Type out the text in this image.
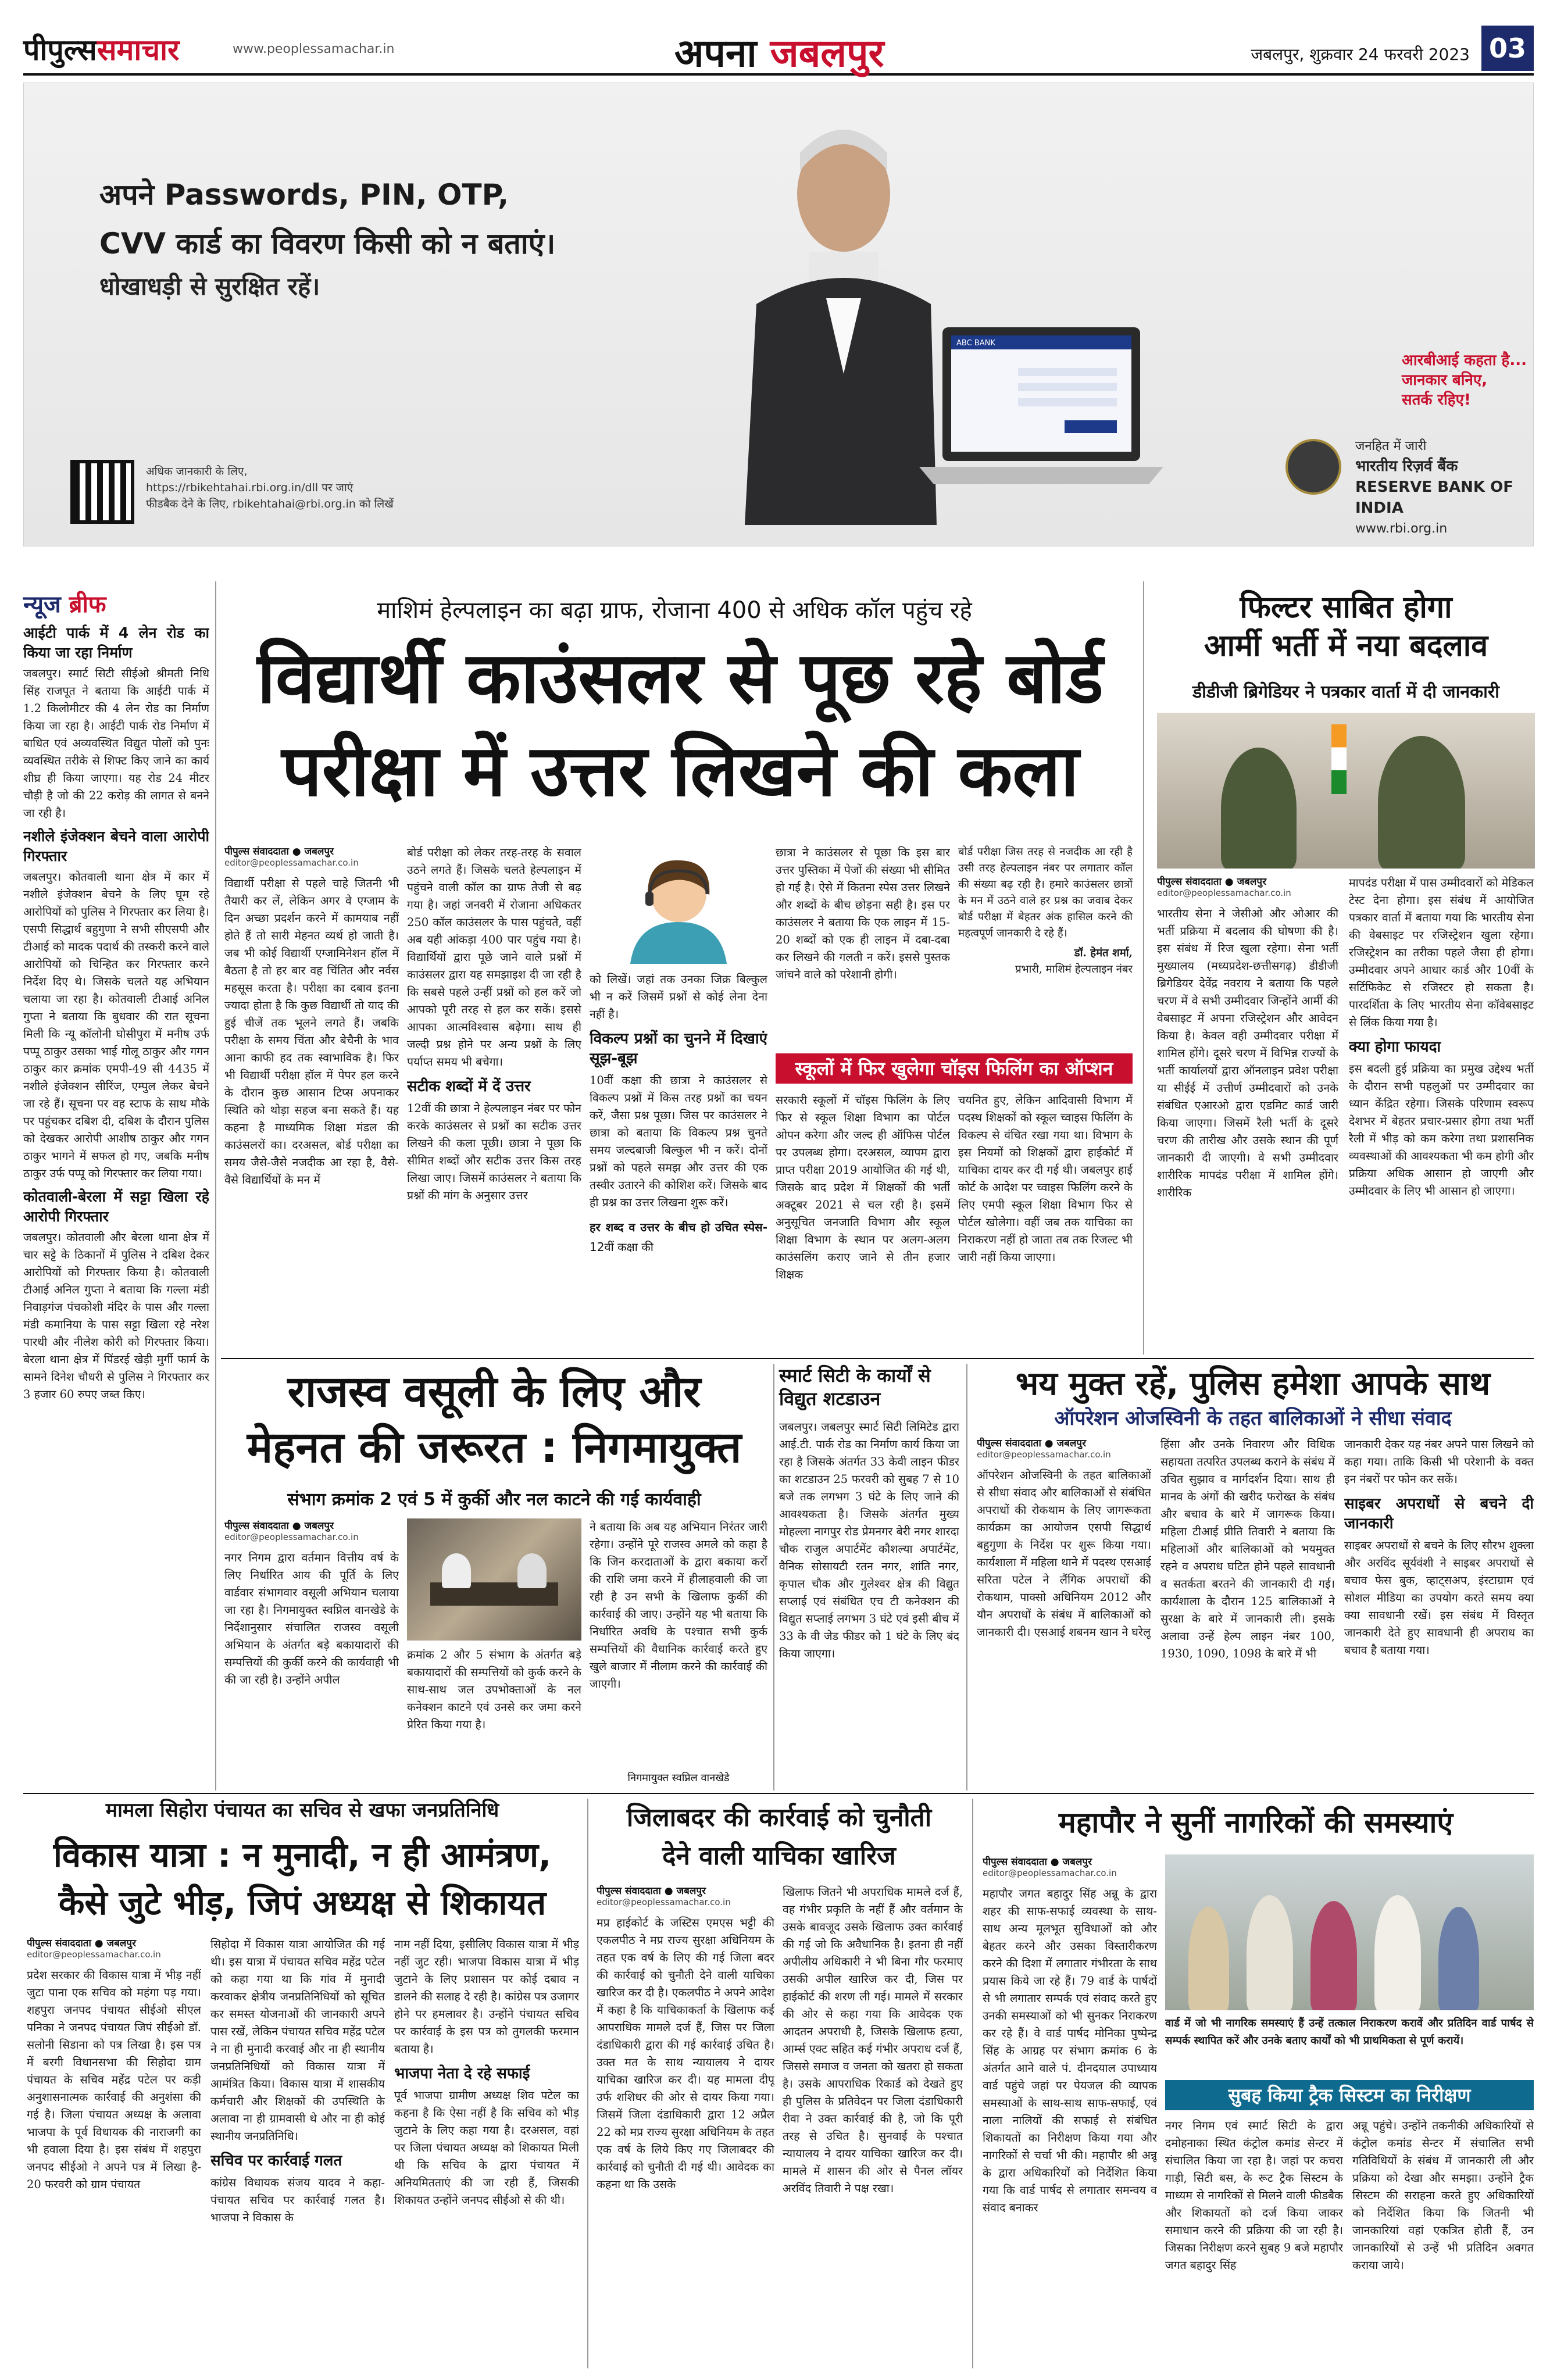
पीपुल्ससमाचार	www.peoplessamachar.in	अपना जबलपुर	जबलपुर, शुक्रवार 24 फरवरी 2023 03
अपने Passwords, PIN, OTP,
CVV कार्ड का विवरण किसी को न बताएं।
धोखाधड़ी से सुरक्षित रहें।
ABC BANK
आरबीआई कहता है...
जानकार बनिए,
सतर्क रहिए!
अधिक जानकारी के लिए,
https://rbikehtahai.rbi.org.in/dll पर जाएं
फीडबैक देने के लिए, rbikehtahai@rbi.org.in को लिखें
जनहित में जारी
भारतीय रिज़र्व बैंक
RESERVE BANK OF INDIA
www.rbi.org.in
न्यूज ब्रीफ
आईटी पार्क में 4 लेन रोड का किया जा रहा निर्माण
जबलपुर। स्मार्ट सिटी सीईओ श्रीमती निधि सिंह राजपूत ने बताया कि आईटी पार्क में 1.2 किलोमीटर की 4 लेन रोड का निर्माण किया जा रहा है। आईटी पार्क रोड निर्माण में बाधित एवं अव्यवस्थित विद्युत पोलों को पुनः व्यवस्थित तरीके से शिफ्ट किए जाने का कार्य शीघ्र ही किया जाएगा। यह रोड 24 मीटर चौड़ी है जो की 22 करोड़ की लागत से बनने जा रही है।
नशीले इंजेक्शन बेचने वाला आरोपी गिरफ्तार
जबलपुर। कोतवाली थाना क्षेत्र में कार में नशीले इंजेक्शन बेचने के लिए घूम रहे आरोपियों को पुलिस ने गिरफ्तार कर लिया है। एसपी सिद्धार्थ बहुगुणा ने सभी सीएसपी और टीआई को मादक पदार्थ की तस्करी करने वाले आरोपियों को चिन्हित कर गिरफ्तार करने निर्देश दिए थे। जिसके चलते यह अभियान चलाया जा रहा है। कोतवाली टीआई अनिल गुप्ता ने बताया कि बुधवार की रात सूचना मिली कि न्यू कॉलोनी घोसीपुरा में मनीष उर्फ पप्पू ठाकुर उसका भाई गोलू ठाकुर और गगन ठाकुर कार क्रमांक एमपी-49 सी 4435 में नशीले इंजेक्शन सीरिंज, एम्पुल लेकर बेचने जा रहे हैं। सूचना पर वह स्टाफ के साथ मौके पर पहुंचकर दबिश दी, दबिश के दौरान पुलिस को देखकर आरोपी आशीष ठाकुर और गगन ठाकुर भागने में सफल हो गए, जबकि मनीष ठाकुर उर्फ पप्पू को गिरफ्तार कर लिया गया।
कोतवाली-बेरला में सट्टा खिला रहे आरोपी गिरफ्तार
जबलपुर। कोतवाली और बेरला थाना क्षेत्र में चार सट्टे के ठिकानों में पुलिस ने दबिश देकर आरोपियों को गिरफ्तार किया है। कोतवाली टीआई अनिल गुप्ता ने बताया कि गल्ला मंडी निवाड़गंज पंचकोशी मंदिर के पास और गल्ला मंडी कमानिया के पास सट्टा खिला रहे नरेश पारधी और नीलेश कोरी को गिरफ्तार किया। बेरला थाना क्षेत्र में पिंडरई खेड़ी मुर्गी फार्म के सामने दिनेश चौधरी से पुलिस ने गिरफ्तार कर 3 हजार 60 रुपए जब्त किए।
माशिमं हेल्पलाइन का बढ़ा ग्राफ, रोजाना 400 से अधिक कॉल पहुंच रहे
विद्यार्थी काउंसलर से पूछ रहे बोर्ड
परीक्षा में उत्तर लिखने की कला
पीपुल्स संवाददाता ● जबलपुर
editor@peoplessamachar.co.in
विद्यार्थी परीक्षा से पहले चाहे जितनी भी तैयारी कर लें, लेकिन अगर वे एग्जाम के दिन अच्छा प्रदर्शन करने में कामयाब नहीं होते हैं तो सारी मेहनत व्यर्थ हो जाती है। जब भी कोई विद्यार्थी एग्जामिनेशन हॉल में बैठता है तो हर बार वह चिंतित और नर्वस महसूस करता है। परीक्षा का दबाव इतना ज्यादा होता है कि कुछ विद्यार्थी तो याद की हुई चीजें तक भूलने लगते हैं। जबकि परीक्षा के समय चिंता और बेचैनी के भाव आना काफी हद तक स्वाभाविक है। फिर भी विद्यार्थी परीक्षा हॉल में पेपर हल करने के दौरान कुछ आसान टिप्स अपनाकर स्थिति को थोड़ा सहज बना सकते हैं। यह कहना है माध्यमिक शिक्षा मंडल की काउंसलरों का। दरअसल, बोर्ड परीक्षा का समय जैसे-जैसे नजदीक आ रहा है, वैसे-वैसे विद्यार्थियों के मन में
बोर्ड परीक्षा को लेकर तरह-तरह के सवाल उठने लगते हैं। जिसके चलते हेल्पलाइन में पहुंचने वाली कॉल का ग्राफ तेजी से बढ़ गया है। जहां जनवरी में रोजाना अधिकतर 250 कॉल काउंसलर के पास पहुंचते, वहीं अब यही आंकड़ा 400 पार पहुंच गया है। विद्यार्थियों द्वारा पूछे जाने वाले प्रश्नों में काउंसलर द्वारा यह समझाइश दी जा रही है कि सबसे पहले उन्हीं प्रश्नों को हल करें जो आपको पूरी तरह से हल कर सकें। इससे आपका आत्मविश्वास बढ़ेगा। साथ ही जल्दी प्रश्न होने पर अन्य प्रश्नों के लिए पर्याप्त समय भी बचेगा।
सटीक शब्दों में दें उत्तर
12वीं की छात्रा ने हेल्पलाइन नंबर पर फोन करके काउंसलर से प्रश्नों का सटीक उत्तर लिखने की कला पूछी। छात्रा ने पूछा कि सीमित शब्दों और सटीक उत्तर किस तरह लिखा जाए। जिसमें काउंसलर ने बताया कि प्रश्नों की मांग के अनुसार उत्तर
को लिखें। जहां तक उनका जिक्र बिल्कुल भी न करें जिसमें प्रश्नों से कोई लेना देना नहीं है।
विकल्प प्रश्नों का चुनने में दिखाएं सूझ-बूझ
10वीं कक्षा की छात्रा ने काउंसलर से विकल्प प्रश्नों में किस तरह प्रश्नों का चयन करें, जैसा प्रश्न पूछा। जिस पर काउंसलर ने छात्रा को बताया कि विकल्प प्रश्न चुनते समय जल्दबाजी बिल्कुल भी न करें। दोनों प्रश्नों को पहले समझ और उत्तर की एक तस्वीर उतारने की कोशिश करें। जिसके बाद ही प्रश्न का उत्तर लिखना शुरू करें।
हर शब्द व उत्तर के बीच हो उचित स्पेस- 12वीं कक्षा की
छात्रा ने काउंसलर से पूछा कि इस बार उत्तर पुस्तिका में पेजों की संख्या भी सीमित हो गई है। ऐसे में कितना स्पेस उत्तर लिखने और शब्दों के बीच छोड़ना सही है। इस पर काउंसलर ने बताया कि एक लाइन में 15-20 शब्दों को एक ही लाइन में दबा-दबा कर लिखने की गलती न करें। इससे पुस्तक जांचने वाले को परेशानी होगी।
बोर्ड परीक्षा जिस तरह से नजदीक आ रही है उसी तरह हेल्पलाइन नंबर पर लगातार कॉल की संख्या बढ़ रही है। हमारे काउंसलर छात्रों के मन में उठने वाले हर प्रश्न का जवाब देकर बोर्ड परीक्षा में बेहतर अंक हासिल करने की महत्वपूर्ण जानकारी दे रहे हैं।
डॉ. हेमंत शर्मा,
प्रभारी, माशिमं हेल्पलाइन नंबर
स्कूलों में फिर खुलेगा चॉइस फिलिंग का ऑप्शन
सरकारी स्कूलों में चॉइस फिलिंग के लिए फिर से स्कूल शिक्षा विभाग का पोर्टल ओपन करेगा और जल्द ही ऑफिस पोर्टल पर उपलब्ध होगा। दरअसल, व्यापम द्वारा प्राप्त परीक्षा 2019 आयोजित की गई थी, जिसके बाद प्रदेश में शिक्षकों की भर्ती अक्टूबर 2021 से चल रही है। इसमें अनुसूचित जनजाति विभाग और स्कूल शिक्षा विभाग के स्थान पर अलग-अलग काउंसलिंग कराए जाने से तीन हजार शिक्षक
चयनित हुए, लेकिन आदिवासी विभाग में पदस्थ शिक्षकों को स्कूल च्वाइस फिलिंग के विकल्प से वंचित रखा गया था। विभाग के इस नियमों को शिक्षकों द्वारा हाईकोर्ट में याचिका दायर कर दी गई थी। जबलपुर हाई कोर्ट के आदेश पर च्वाइस फिलिंग करने के लिए एमपी स्कूल शिक्षा विभाग फिर से पोर्टल खोलेगा। वहीं जब तक याचिका का निराकरण नहीं हो जाता तब तक रिजल्ट भी जारी नहीं किया जाएगा।
फिल्टर साबित होगा
आर्मी भर्ती में नया बदलाव
डीडीजी ब्रिगेडियर ने पत्रकार वार्ता में दी जानकारी
पीपुल्स संवाददाता ● जबलपुर
editor@peoplessamachar.co.in
भारतीय सेना ने जेसीओ और ओआर की भर्ती प्रक्रिया में बदलाव की घोषणा की है। इस संबंध में रिज खुला रहेगा। सेना भर्ती मुख्यालय (मध्यप्रदेश-छत्तीसगढ़) डीडीजी ब्रिगेडियर देवेंद्र नवराय ने बताया कि पहले चरण में वे सभी उम्मीदवार जिन्होंने आर्मी की वेबसाइट में अपना रजिस्ट्रेशन और आवेदन किया है। केवल वही उम्मीदवार परीक्षा में शामिल होंगे। दूसरे चरण में विभिन्न राज्यों के भर्ती कार्यालयों द्वारा ऑनलाइन प्रवेश परीक्षा या सीईई में उत्तीर्ण उम्मीदवारों को उनके संबंधित एआरओ द्वारा एडमिट कार्ड जारी किया जाएगा। जिसमें रैली भर्ती के दूसरे चरण की तारीख और उसके स्थान की पूर्ण जानकारी दी जाएगी। वे सभी उम्मीदवार शारीरिक मापदंड परीक्षा में शामिल होंगे। शारीरिक
मापदंड परीक्षा में पास उम्मीदवारों को मेडिकल टेस्ट देना होगा। इस संबंध में आयोजित पत्रकार वार्ता में बताया गया कि भारतीय सेना की वेबसाइट पर रजिस्ट्रेशन खुला रहेगा। रजिस्ट्रेशन का तरीका पहले जैसा ही होगा। उम्मीदवार अपने आधार कार्ड और 10वीं के सर्टिफिकेट से रजिस्टर हो सकता है। पारदर्शिता के लिए भारतीय सेना कॉवेबसाइट से लिंक किया गया है।
क्या होगा फायदा
इस बदली हुई प्रक्रिया का प्रमुख उद्देश्य भर्ती के दौरान सभी पहलुओं पर उम्मीदवार का ध्यान केंद्रित रहेगा। जिसके परिणाम स्वरूप देशभर में बेहतर प्रचार-प्रसार होगा तथा भर्ती रैली में भीड़ को कम करेगा तथा प्रशासनिक व्यवस्थाओं की आवश्यकता भी कम होगी और प्रक्रिया अधिक आसान हो जाएगी और उम्मीदवार के लिए भी आसान हो जाएगा।
राजस्व वसूली के लिए और
मेहनत की जरूरत : निगमायुक्त
संभाग क्रमांक 2 एवं 5 में कुर्की और नल काटने की गई कार्यवाही
पीपुल्स संवाददाता ● जबलपुर
editor@peoplessamachar.co.in
नगर निगम द्वारा वर्तमान वित्तीय वर्ष के लिए निर्धारित आय की पूर्ति के लिए वार्डवार संभागवार वसूली अभियान चलाया जा रहा है। निगमायुक्त स्वप्निल वानखेडे के निर्देशानुसार संचालित राजस्व वसूली अभियान के अंतर्गत बड़े बकायादारों की सम्पत्तियों की कुर्की करने की कार्यवाही भी की जा रही है। उन्होंने अपील
क्रमांक 2 और 5 संभाग के अंतर्गत बड़े बकायादारों की सम्पत्तियों को कुर्क करने के साथ-साथ जल उपभोक्ताओं के नल कनेक्शन काटने एवं उनसे कर जमा करने प्रेरित किया गया है।
ने बताया कि अब यह अभियान निरंतर जारी रहेगा। उन्होंने पूरे राजस्व अमले को कहा है कि जिन करदाताओं के द्वारा बकाया करों की राशि जमा करने में हीलाहवाली की जा रही है उन सभी के खिलाफ कुर्की की कार्रवाई की जाए। उन्होंने यह भी बताया कि निर्धारित अवधि के पश्चात सभी कुर्क सम्पत्तियों की वैधानिक कार्रवाई करते हुए खुले बाजार में नीलाम करने की कार्रवाई की जाएगी।
निगमायुक्त स्वप्निल वानखेडे
स्मार्ट सिटी के कार्यों से विद्युत शटडाउन
जबलपुर। जबलपुर स्मार्ट सिटी लिमिटेड द्वारा आई.टी. पार्क रोड का निर्माण कार्य किया जा रहा है जिसके अंतर्गत 33 केवी लाइन फीडर का शटडाउन 25 फरवरी को सुबह 7 से 10 बजे तक लगभग 3 घंटे के लिए जाने की आवश्यकता है। जिसके अंतर्गत मुख्य मोहल्ला नागपुर रोड प्रेमनगर बेरी नगर शारदा चौक राजुल अपार्टमेंट कौशल्या अपार्टमेंट, वैनिक सोसायटी रतन नगर, शांति नगर, कृपाल चौक और गुलेश्वर क्षेत्र की विद्युत सप्लाई एवं संबंधित एच टी कनेक्शन की विद्युत सप्लाई लगभग 3 घंटे एवं इसी बीच में 33 के वी जेड फीडर को 1 घंटे के लिए बंद किया जाएगा।
भय मुक्त रहें, पुलिस हमेशा आपके साथ
ऑपरेशन ओजस्विनी के तहत बालिकाओं ने सीधा संवाद
पीपुल्स संवाददाता ● जबलपुर
editor@peoplessamachar.co.in
ऑपरेशन ओजस्विनी के तहत बालिकाओं से सीधा संवाद और बालिकाओं से संबंधित अपराधों की रोकथाम के लिए जागरूकता कार्यक्रम का आयोजन एसपी सिद्धार्थ बहुगुणा के निर्देश पर शुरू किया गया। कार्यशाला में महिला थाने में पदस्थ एसआई सरिता पटेल ने लैंगिक अपराधों की रोकथाम, पाक्सो अधिनियम 2012 और यौन अपराधों के संबंध में बालिकाओं को जानकारी दी। एसआई शबनम खान ने घरेलू
हिंसा और उनके निवारण और विधिक सहायता तत्परित उपलब्ध कराने के संबंध में उचित सुझाव व मार्गदर्शन दिया। साथ ही मानव के अंगों की खरीद फरोख्त के संबंध और बचाव के बारे में जागरूक किया। महिला टीआई प्रीति तिवारी ने बताया कि महिलाओं और बालिकाओं को भयमुक्त रहने व अपराध घटित होने पहले सावधानी व सतर्कता बरतने की जानकारी दी गई। कार्यशाला के दौरान 125 बालिकाओं ने सुरक्षा के बारे में जानकारी ली। इसके अलावा उन्हें हेल्प लाइन नंबर 100, 1930, 1090, 1098 के बारे में भी
जानकारी देकर यह नंबर अपने पास लिखने को कहा गया। ताकि किसी भी परेशानी के वक्त इन नंबरों पर फोन कर सकें।
साइबर अपराधों से बचने दी जानकारी
साइबर अपराधों से बचने के लिए सौरभ शुक्ला और अरविंद सूर्यवंशी ने साइबर अपराधों से बचाव फेस बुक, व्हाट्सअप, इंस्टाग्राम एवं सोशल मीडिया का उपयोग करते समय क्या क्या सावधानी रखें। इस संबंध में विस्तृत जानकारी देते हुए सावधानी ही अपराध का बचाव है बताया गया।
मामला सिहोरा पंचायत का सचिव से खफा जनप्रतिनिधि
विकास यात्रा : न मुनादी, न ही आमंत्रण,
कैसे जुटे भीड़, जिपं अध्यक्ष से शिकायत
पीपुल्स संवाददाता ● जबलपुर
editor@peoplessamachar.co.in
प्रदेश सरकार की विकास यात्रा में भीड़ नहीं जुटा पाना एक सचिव को महंगा पड़ गया। शहपुरा जनपद पंचायत सीईओ सीएल पनिका ने जनपद पंचायत जिपं सीईओ डॉ. सलोनी सिडाना को पत्र लिखा है। इस पत्र में बरगी विधानसभा की सिहोदा ग्राम पंचायत के सचिव महेंद्र पटेल पर कड़ी अनुशासनात्मक कार्रवाई की अनुशंसा की गई है। जिला पंचायत अध्यक्ष के अलावा भाजपा के पूर्व विधायक की नाराजगी का भी हवाला दिया है। इस संबंध में शहपुरा जनपद सीईओ ने अपने पत्र में लिखा है- 20 फरवरी को ग्राम पंचायत
सिहोदा में विकास यात्रा आयोजित की गई थी। इस यात्रा में पंचायत सचिव महेंद्र पटेल को कहा गया था कि गांव में मुनादी करवाकर क्षेत्रीय जनप्रतिनिधियों को सूचित कर समस्त योजनाओं की जानकारी अपने पास रखें, लेकिन पंचायत सचिव महेंद्र पटेल ने ना ही मुनादी करवाई और ना ही स्थानीय जनप्रतिनिधियों को विकास यात्रा में आमंत्रित किया। विकास यात्रा में शासकीय कर्मचारी और शिक्षकों की उपस्थिति के अलावा ना ही ग्रामवासी थे और ना ही कोई स्थानीय जनप्रतिनिधि।
सचिव पर कार्रवाई गलत
कांग्रेस विधायक संजय यादव ने कहा- पंचायत सचिव पर कार्रवाई गलत है। भाजपा ने विकास के
नाम नहीं दिया, इसीलिए विकास यात्रा में भीड़ नहीं जुट रही। भाजपा विकास यात्रा में भीड़ जुटाने के लिए प्रशासन पर कोई दबाव न डालने की सलाह दे रही है। कांग्रेस पत्र उजागर होने पर हमलावर है। उन्होंने पंचायत सचिव पर कार्रवाई के इस पत्र को तुगलकी फरमान बताया है।
भाजपा नेता दे रहे सफाई
पूर्व भाजपा ग्रामीण अध्यक्ष शिव पटेल का कहना है कि ऐसा नहीं है कि सचिव को भीड़ जुटाने के लिए कहा गया है। दरअसल, वहां पर जिला पंचायत अध्यक्ष को शिकायत मिली थी कि सचिव के द्वारा पंचायत में अनियमितताएं की जा रही हैं, जिसकी शिकायत उन्होंने जनपद सीईओ से की थी।
जिलाबदर की कार्रवाई को चुनौती
देने वाली याचिका खारिज
पीपुल्स संवाददाता ● जबलपुर
editor@peoplessamachar.co.in
मप्र हाईकोर्ट के जस्टिस एमएस भट्टी की एकलपीठ ने मप्र राज्य सुरक्षा अधिनियम के तहत एक वर्ष के लिए की गई जिला बदर की कार्रवाई को चुनौती देने वाली याचिका खारिज कर दी है। एकलपीठ ने अपने आदेश में कहा है कि याचिकाकर्ता के खिलाफ कई आपराधिक मामले दर्ज हैं, जिस पर जिला दंडाधिकारी द्वारा की गई कार्रवाई उचित है। उक्त मत के साथ न्यायालय ने दायर याचिका खारिज कर दी। यह मामला दीपू उर्फ शशिधर की ओर से दायर किया गया। जिसमें जिला दंडाधिकारी द्वारा 12 अप्रैल 22 को मप्र राज्य सुरक्षा अधिनियम के तहत एक वर्ष के लिये किए गए जिलाबदर की कार्रवाई को चुनौती दी गई थी। आवेदक का कहना था कि उसके
खिलाफ जितने भी अपराधिक मामले दर्ज हैं, वह गंभीर प्रकृति के नहीं हैं और वर्तमान के उसके बावजूद उसके खिलाफ उक्त कार्रवाई की गई जो कि अवैधानिक है। इतना ही नहीं अपीलीय अधिकारी ने भी बिना गौर फरमाए उसकी अपील खारिज कर दी, जिस पर हाईकोर्ट की शरण ली गई। मामले में सरकार की ओर से कहा गया कि आवेदक एक आदतन अपराधी है, जिसके खिलाफ हत्या, आर्म्स एक्ट सहित कई गंभीर अपराध दर्ज हैं, जिससे समाज व जनता को खतरा हो सकता है। उसके आपराधिक रिकार्ड को देखते हुए ही पुलिस के प्रतिवेदन पर जिला दंडाधिकारी रीवा ने उक्त कार्रवाई की है, जो कि पूरी तरह से उचित है। सुनवाई के पश्चात न्यायालय ने दायर याचिका खारिज कर दी। मामले में शासन की ओर से पैनल लॉयर अरविंद तिवारी ने पक्ष रखा।
महापौर ने सुनीं नागरिकों की समस्याएं
पीपुल्स संवाददाता ● जबलपुर
editor@peoplessamachar.co.in
महापौर जगत बहादुर सिंह अन्नू के द्वारा शहर की साफ-सफाई व्यवस्था के साथ-साथ अन्य मूलभूत सुविधाओं को और बेहतर करने और उसका विस्तारीकरण करने की दिशा में लगातार गंभीरता के साथ प्रयास किये जा रहे हैं। 79 वार्ड के पार्षदों से भी लगातार सम्पर्क एवं संवाद करते हुए उनकी समस्याओं को भी सुनकर निराकरण कर रहे हैं। वे वार्ड पार्षद मोनिका पुष्पेन्द्र सिंह के आग्रह पर संभाग क्रमांक 6 के अंतर्गत आने वाले पं. दीनदयाल उपाध्याय वार्ड पहुंचे जहां पर पेयजल की व्यापक समस्याओं के साथ-साथ साफ-सफाई, एवं नाला नालियों की सफाई से संबंधित शिकायतों का निरीक्षण किया गया और नागरिकों से चर्चा भी की। महापौर श्री अन्नू के द्वारा अधिकारियों को निर्देशित किया गया कि वार्ड पार्षद से लगातार समन्वय व संवाद बनाकर
वार्ड में जो भी नागरिक समस्याएं हैं उन्हें तत्काल निराकरण करावें और प्रतिदिन वार्ड पार्षद से सम्पर्क स्थापित करें और उनके बताए कार्यों को भी प्राथमिकता से पूर्ण करायें।
सुबह किया ट्रैक सिस्टम का निरीक्षण
नगर निगम एवं स्मार्ट सिटी के द्वारा दमोहनाका स्थित कंट्रोल कमांड सेन्टर में संचालित किया जा रहा है। जहां पर कचरा गाड़ी, सिटी बस, के रूट ट्रैक सिस्टम के माध्यम से नागरिकों से मिलने वाली फीडबैक और शिकायतों को दर्ज किया जाकर समाधान करने की प्रक्रिया की जा रही है। जिसका निरीक्षण करने सुबह 9 बजे महापौर जगत बहादुर सिंह
अन्नू पहुंचे। उन्होंने तकनीकी अधिकारियों से कंट्रोल कमांड सेन्टर में संचालित सभी गतिविधियों के संबंध में जानकारी ली और प्रक्रिया को देखा और समझा। उन्होंने ट्रैक सिस्टम की सराहना करते हुए अधिकारियों को निर्देशित किया कि जितनी भी जानकारियां वहां एकत्रित होती हैं, उन जानकारियों से उन्हें भी प्रतिदिन अवगत कराया जाये।
